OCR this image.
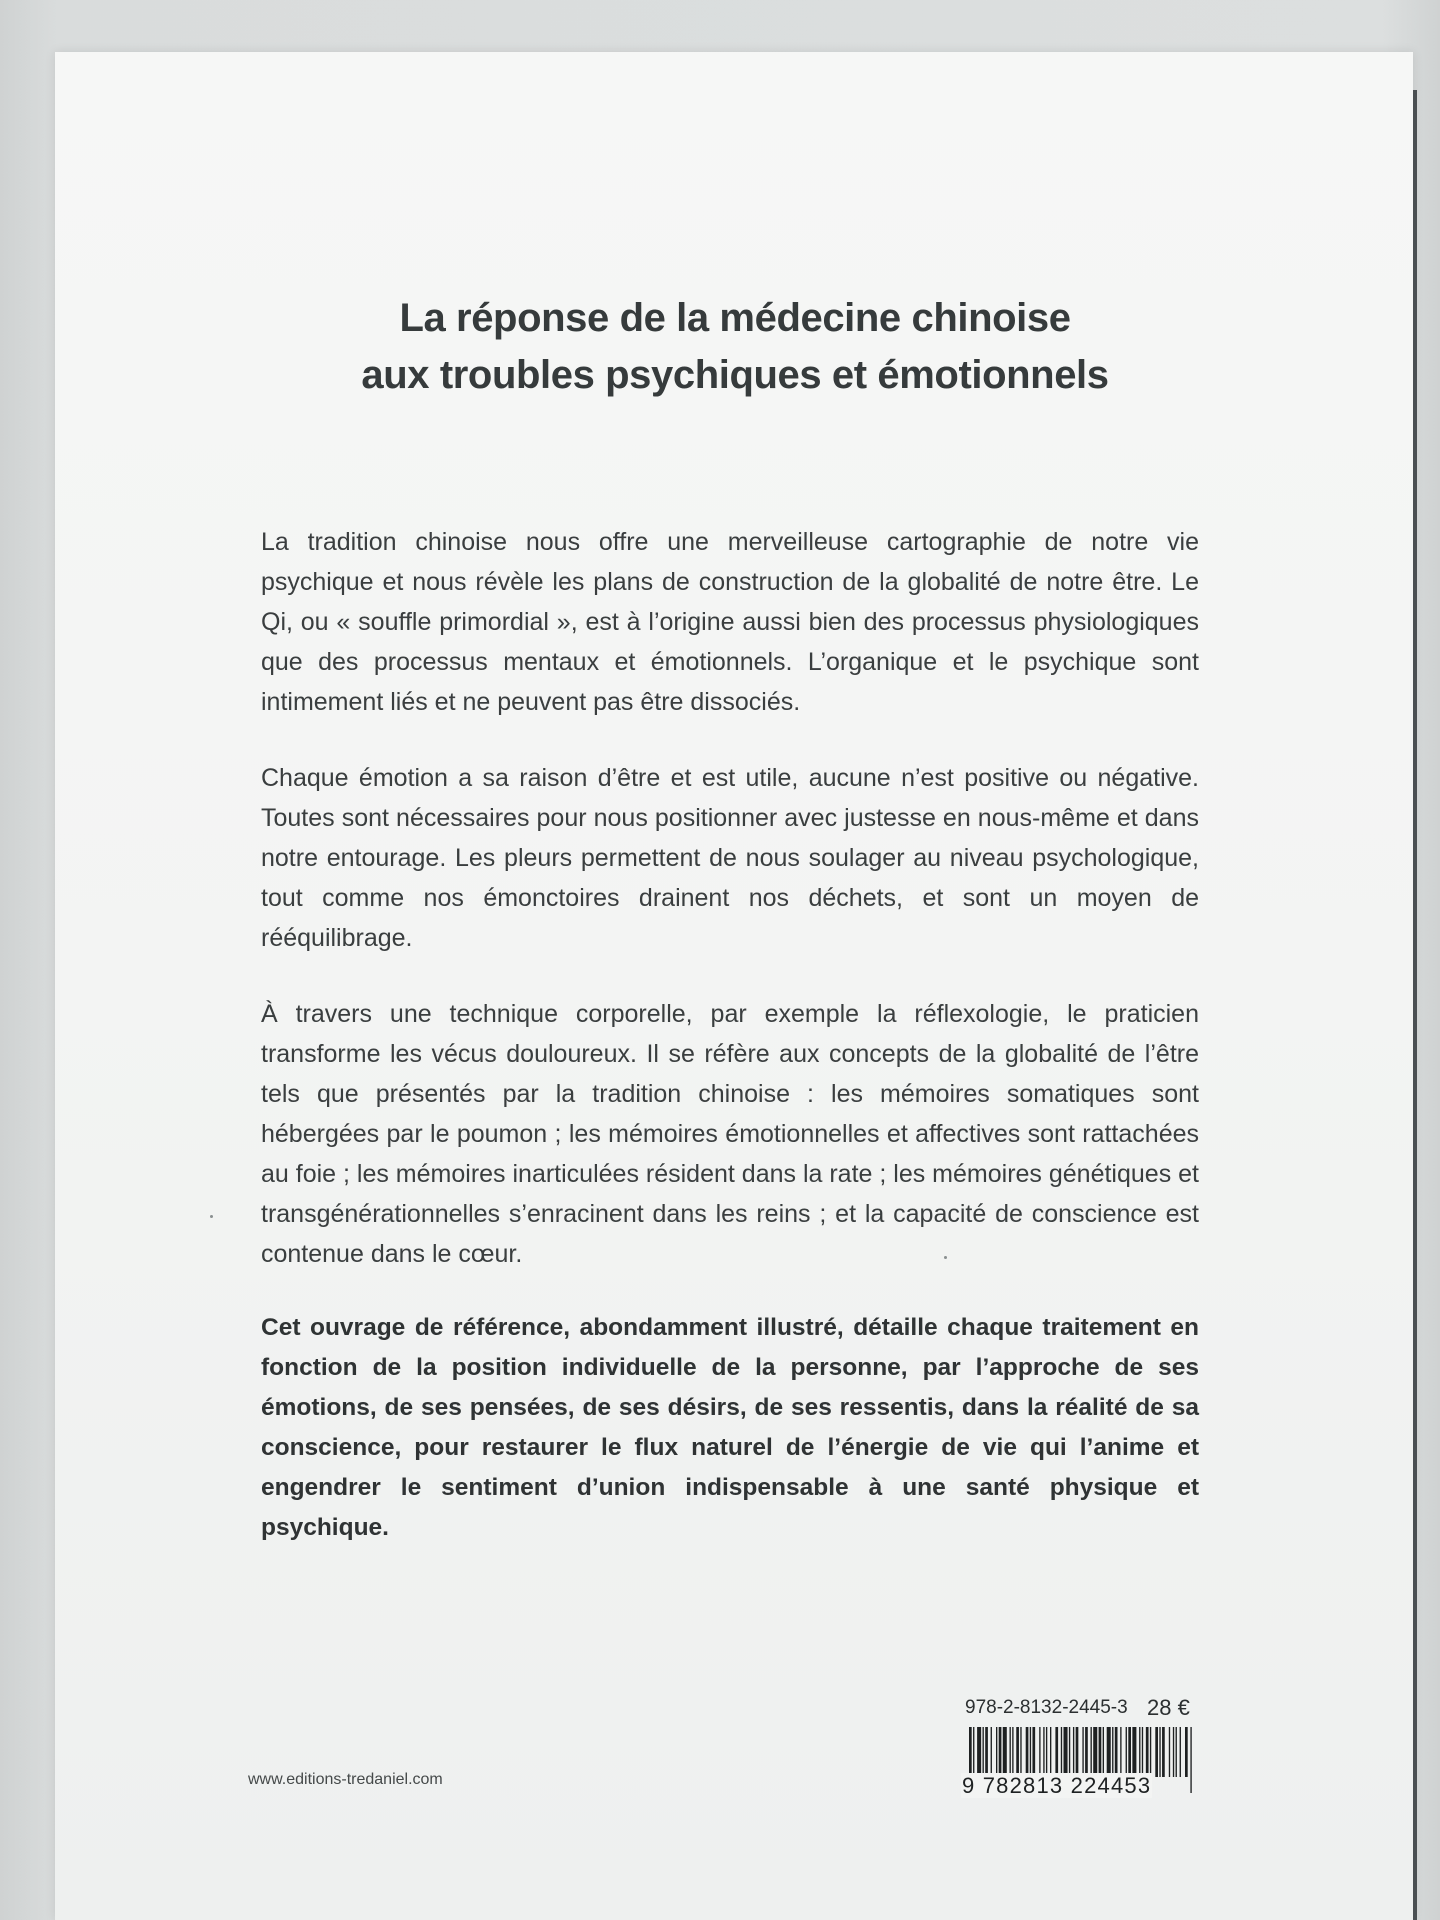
La réponse de la médecine chinoise
aux troubles psychiques et émotionnels

La tradition chinoise nous offre une merveilleuse cartographie de notre vie psychique et nous révèle les plans de construction de la globalité de notre être. Le Qi, ou « souffle primordial », est à l’origine aussi bien des processus physiologiques que des processus mentaux et émotionnels. L’organique et le psychique sont intimement liés et ne peuvent pas être dissociés.

Chaque émotion a sa raison d’être et est utile, aucune n’est positive ou négative. Toutes sont nécessaires pour nous positionner avec justesse en nous-même et dans notre entourage. Les pleurs permettent de nous soulager au niveau psychologique, tout comme nos émonctoires drainent nos déchets, et sont un moyen de rééquilibrage.

À travers une technique corporelle, par exemple la réflexologie, le praticien transforme les vécus douloureux. Il se réfère aux concepts de la globalité de l’être tels que présentés par la tradition chinoise : les mémoires somatiques sont hébergées par le poumon ; les mémoires émotionnelles et affectives sont rattachées au foie ; les mémoires inarticulées résident dans la rate ; les mémoires génétiques et transgénérationnelles s’enracinent dans les reins ; et la capacité de conscience est contenue dans le cœur.

Cet ouvrage de référence, abondamment illustré, détaille chaque traitement en fonction de la position individuelle de la personne, par l’approche de ses émotions, de ses pensées, de ses désirs, de ses ressentis, dans la réalité de sa conscience, pour restaurer le flux naturel de l’énergie de vie qui l’anime et engendrer le sentiment d’union indispensable à une santé physique et psychique.

www.editions-tredaniel.com
978-2-8132-2445-3 28 €
9 782813 224453
